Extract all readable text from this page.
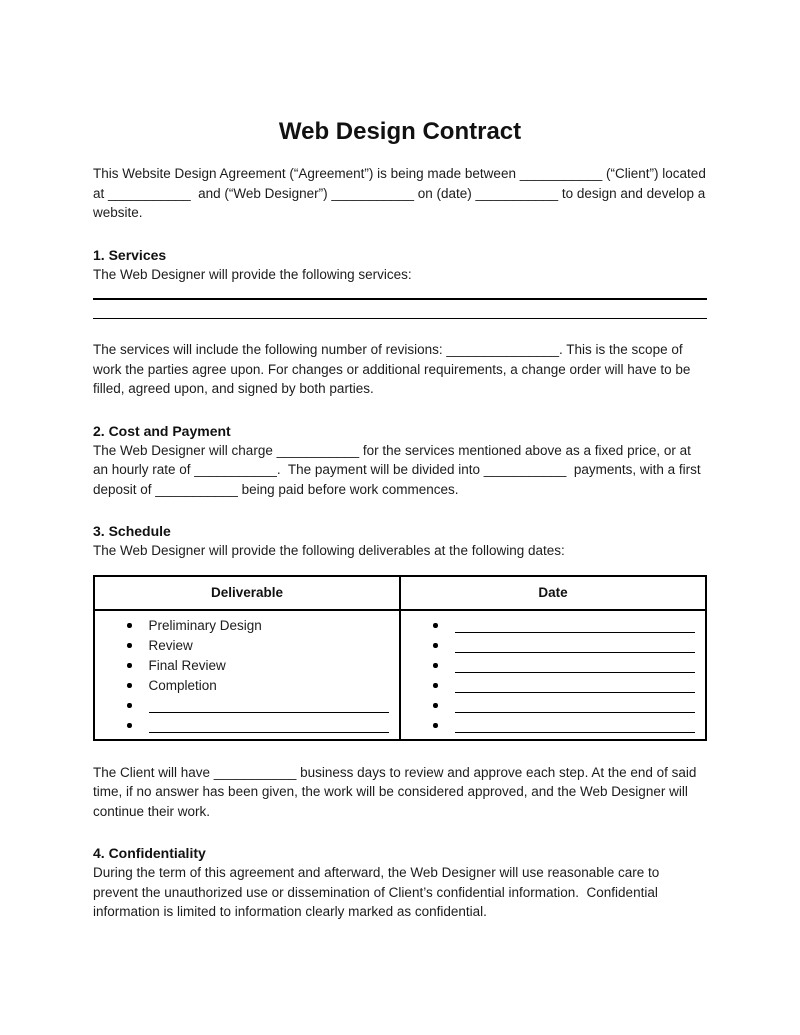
Web Design Contract

This Website Design Agreement (“Agreement”) is being made between ___________ (“Client”) located at ___________  and (“Web Designer”) ___________ on (date) ___________ to design and develop a website.

1. Services

The Web Designer will provide the following services:

The services will include the following number of revisions: _______________. This is the scope of work the parties agree upon. For changes or additional requirements, a change order will have to be filled, agreed upon, and signed by both parties.

2. Cost and Payment

The Web Designer will charge ___________ for the services mentioned above as a fixed price, or at an hourly rate of ___________.  The payment will be divided into ___________  payments, with a first deposit of ___________ being paid before work commences.

3. Schedule

The Web Designer will provide the following deliverables at the following dates:

Deliverable	Date
Preliminary Design
Review
Final Review
Completion

The Client will have ___________ business days to review and approve each step. At the end of said time, if no answer has been given, the work will be considered approved, and the Web Designer will continue their work.

4. Confidentiality

During the term of this agreement and afterward, the Web Designer will use reasonable care to prevent the unauthorized use or dissemination of Client’s confidential information.  Confidential information is limited to information clearly marked as confidential.
